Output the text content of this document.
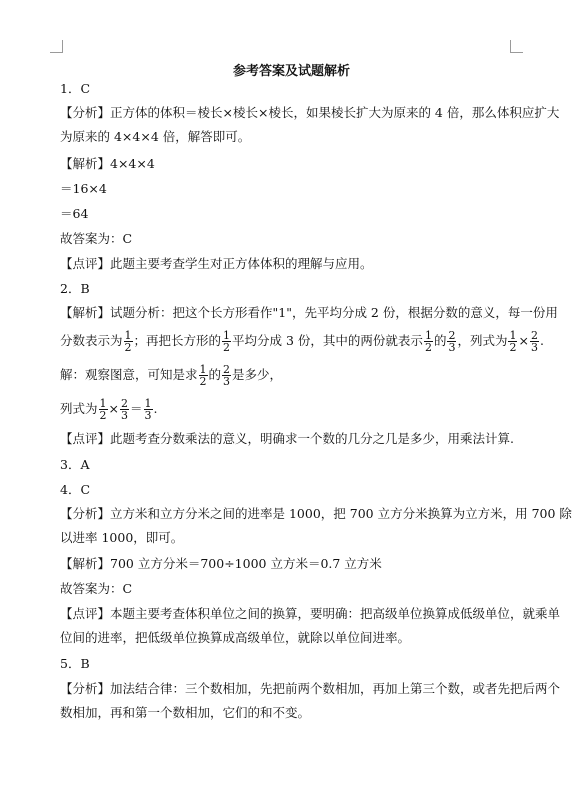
参考答案及试题解析
1．C
【分析】正方体的体积＝棱长×棱长×棱长，如果棱长扩大为原来的 4 倍，那么体积应扩大
为原来的 4×4×4 倍，解答即可。
【解析】4×4×4
＝16×4
＝64
故答案为：C
【点评】此题主要考查学生对正方体体积的理解与应用。
2．B
【解析】试题分析：把这个长方形看作"1"，先平均分成 2 份，根据分数的意义，每一份用
分数表示为 $\frac{1}{2}$ ；再把长方形的 $\frac{1}{2}$ 平均分成 3 份，其中的两份就表示 $\frac{1}{2}$ 的 $\frac{2}{3}$ ，列式为 $\frac{1}{2} \times \frac{2}{3}$ .
解：观察图意，可知是求 $\frac{1}{2}$ 的 $\frac{2}{3}$ 是多少，
列式为 $\frac{1}{2} \times \frac{2}{3} = \frac{1}{3}$ .
【点评】此题考查分数乘法的意义，明确求一个数的几分之几是多少，用乘法计算.
3．A
4．C
【分析】立方米和立方分米之间的进率是 1000，把 700 立方分米换算为立方米，用 700 除
以进率 1000，即可。
【解析】700 立方分米＝700÷1000 立方米＝0.7 立方米
故答案为：C
【点评】本题主要考查体积单位之间的换算，要明确：把高级单位换算成低级单位，就乘单
位间的进率，把低级单位换算成高级单位，就除以单位间进率。
5．B
【分析】加法结合律：三个数相加，先把前两个数相加，再加上第三个数，或者先把后两个
数相加，再和第一个数相加，它们的和不变。
